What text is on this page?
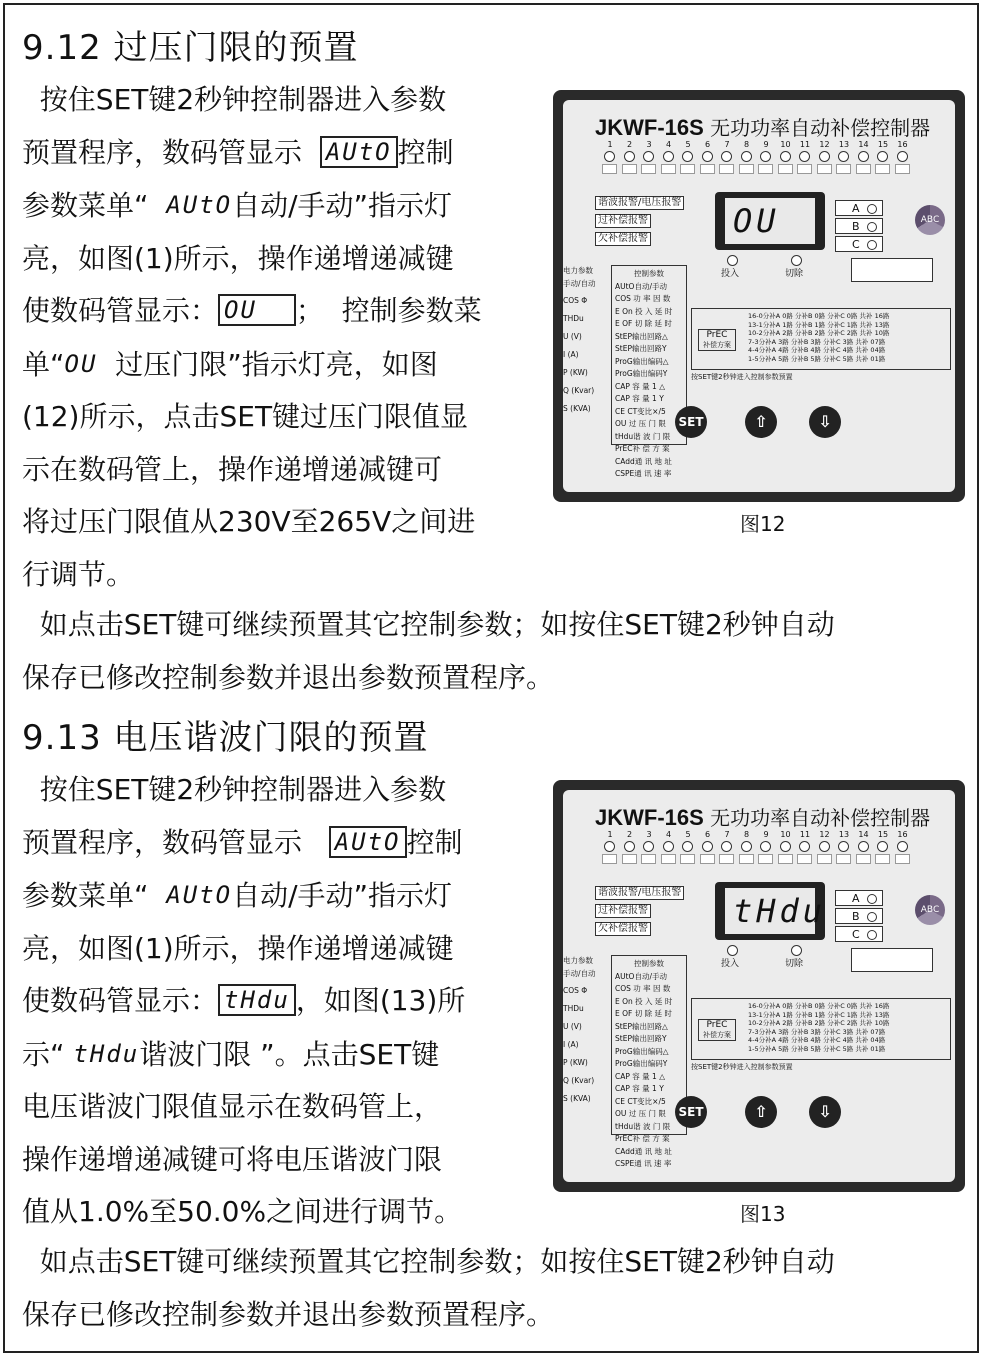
9.12 过压门限的预置
按住SET键2秒钟控制器进入参数
预置程序，数码管显示  AUtO 控制
参数菜单“  AUtO自动/手动”指示灯
亮，如图(1)所示，操作递增递减键
使数码管显示： OU  ；  控制参数菜
单“OU  过压门限”指示灯亮，如图
(12)所示，点击SET键过压门限值显
示在数码管上，操作递增递减键可
将过压门限值从230V至265V之间进
行调节。
如点击SET键可继续预置其它控制参数；如按住SET键2秒钟自动
保存已修改控制参数并退出参数预置程序。
JKWF-16S 无功功率自动补偿控制器
1	2	3	4	5	6	7	8	9	10 11 12 13 14 15 16
谐波报警/电压报警
过补偿报警
欠补偿报警	OU	A
B
C
ABC
投入	切除
电力参数
手动/自动
COS Φ
THDu
U (V)
I (A)
P (KW)
Q (Kvar)
S (KVA)
控制参数
AUtO自动/手动
COS 功 率 因 数
E On 投 入 延 时
E OF 切 除 延 时
StEP输出回路△
StEP输出回路Y
ProG输出编码△
ProG输出编码Y
CAP 容 量 1 △
CAP 容 量 1 Y
CE CT变比×/5
OU 过 压 门 限
tHdu谐 波 门 限
PrEC补 偿 方 案
CAdd通 讯 地 址
CSPE通 讯 速 率
PrEC
补偿方案
16-0分补A 0路 分补B 0路 分补C 0路 共补 16路
13-1分补A 1路 分补B 1路 分补C 1路 共补 13路
10-2分补A 2路 分补B 2路 分补C 2路 共补 10路
7-3分补A 3路 分补B 3路 分补C 3路 共补 07路
4-4分补A 4路 分补B 4路 分补C 4路 共补 04路
1-5分补A 5路 分补B 5路 分补C 5路 共补 01路
按SET键2秒钟进入控制参数预置
SET	⇧	⇩
图12
9.13 电压谐波门限的预置
按住SET键2秒钟控制器进入参数
预置程序，数码管显示   AUtO 控制
参数菜单“  AUtO自动/手动”指示灯
亮，如图(1)所示，操作递增递减键
使数码管显示： tHdu ，如图(13)所
示“ tHdu谐波门限 ”。点击SET键
电压谐波门限值显示在数码管上，
操作递增递减键可将电压谐波门限
值从1.0%至50.0%之间进行调节。
如点击SET键可继续预置其它控制参数；如按住SET键2秒钟自动
保存已修改控制参数并退出参数预置程序。
JKWF-16S 无功功率自动补偿控制器
1	2	3	4	5	6	7	8	9	10 11 12 13 14 15 16
谐波报警/电压报警
过补偿报警
欠补偿报警	tHdu	A
B
C
ABC
投入	切除
电力参数
手动/自动
COS Φ
THDu
U (V)
I (A)
P (KW)
Q (Kvar)
S (KVA)
控制参数
AUtO自动/手动
COS 功 率 因 数
E On 投 入 延 时
E OF 切 除 延 时
StEP输出回路△
StEP输出回路Y
ProG输出编码△
ProG输出编码Y
CAP 容 量 1 △
CAP 容 量 1 Y
CE CT变比×/5
OU 过 压 门 限
tHdu谐 波 门 限
PrEC补 偿 方 案
CAdd通 讯 地 址
CSPE通 讯 速 率
PrEC
补偿方案
16-0分补A 0路 分补B 0路 分补C 0路 共补 16路
13-1分补A 1路 分补B 1路 分补C 1路 共补 13路
10-2分补A 2路 分补B 2路 分补C 2路 共补 10路
7-3分补A 3路 分补B 3路 分补C 3路 共补 07路
4-4分补A 4路 分补B 4路 分补C 4路 共补 04路
1-5分补A 5路 分补B 5路 分补C 5路 共补 01路
按SET键2秒钟进入控制参数预置
SET	⇧	⇩
图13
